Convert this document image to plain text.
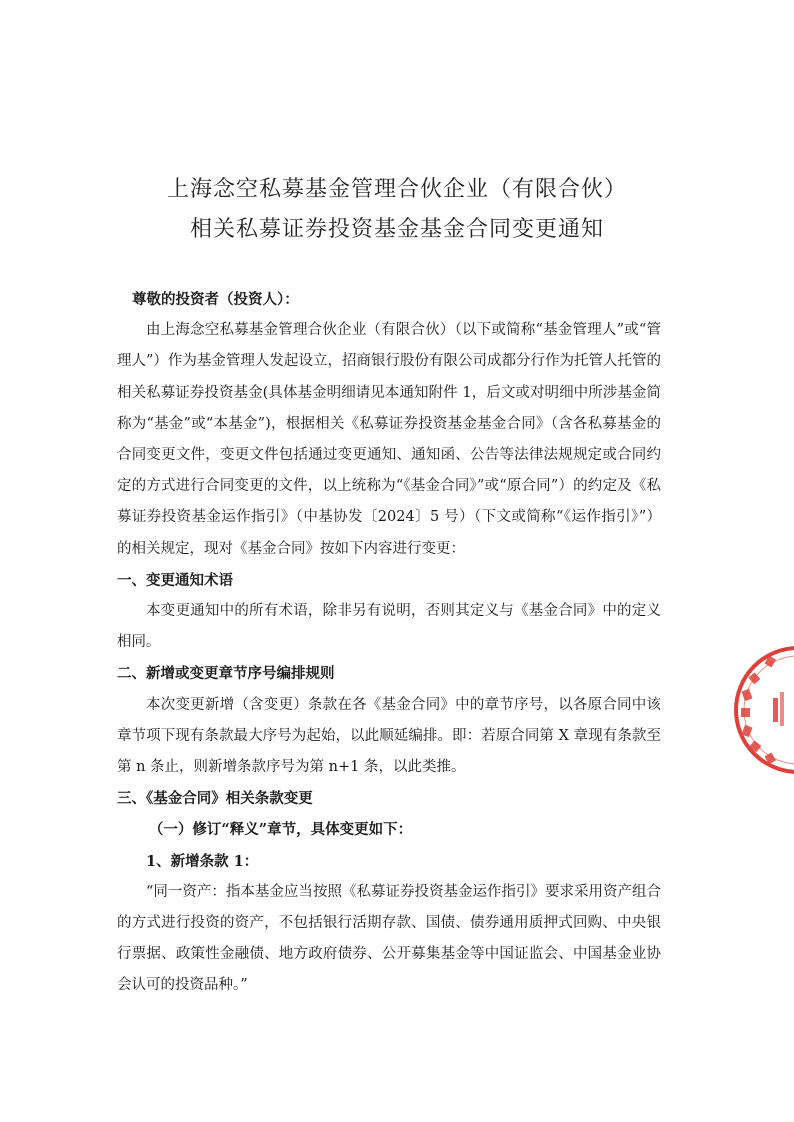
上海念空私募基金管理合伙企业（有限合伙）
相关私募证券投资基金基金合同变更通知

尊敬的投资者（投资人）：

由上海念空私募基金管理合伙企业（有限合伙）（以下或简称“基金管理人”或“管理人”）作为基金管理人发起设立，招商银行股份有限公司成都分行作为托管人托管的相关私募证券投资基金(具体基金明细请见本通知附件 1，后文或对明细中所涉基金简称为“基金”或“本基金”)，根据相关《私募证券投资基金基金合同》（含各私募基金的合同变更文件，变更文件包括通过变更通知、通知函、公告等法律法规规定或合同约定的方式进行合同变更的文件，以上统称为“《基金合同》”或“原合同”）的约定及《私募证券投资基金运作指引》（中基协发〔2024〕5 号）（下文或简称“《运作指引》”）的相关规定，现对《基金合同》按如下内容进行变更：

一、变更通知术语

本变更通知中的所有术语，除非另有说明，否则其定义与《基金合同》中的定义相同。

二、新增或变更章节序号编排规则

本次变更新增（含变更）条款在各《基金合同》中的章节序号，以各原合同中该章节项下现有条款最大序号为起始，以此顺延编排。即：若原合同第 X 章现有条款至第 n 条止，则新增条款序号为第 n+1 条，以此类推。

三、《基金合同》相关条款变更

（一）修订“释义”章节，具体变更如下：

1、新增条款 1：

“同一资产：指本基金应当按照《私募证券投资基金运作指引》要求采用资产组合的方式进行投资的资产，不包括银行活期存款、国债、债券通用质押式回购、中央银行票据、政策性金融债、地方政府债券、公开募集基金等中国证监会、中国基金业协会认可的投资品种。”
